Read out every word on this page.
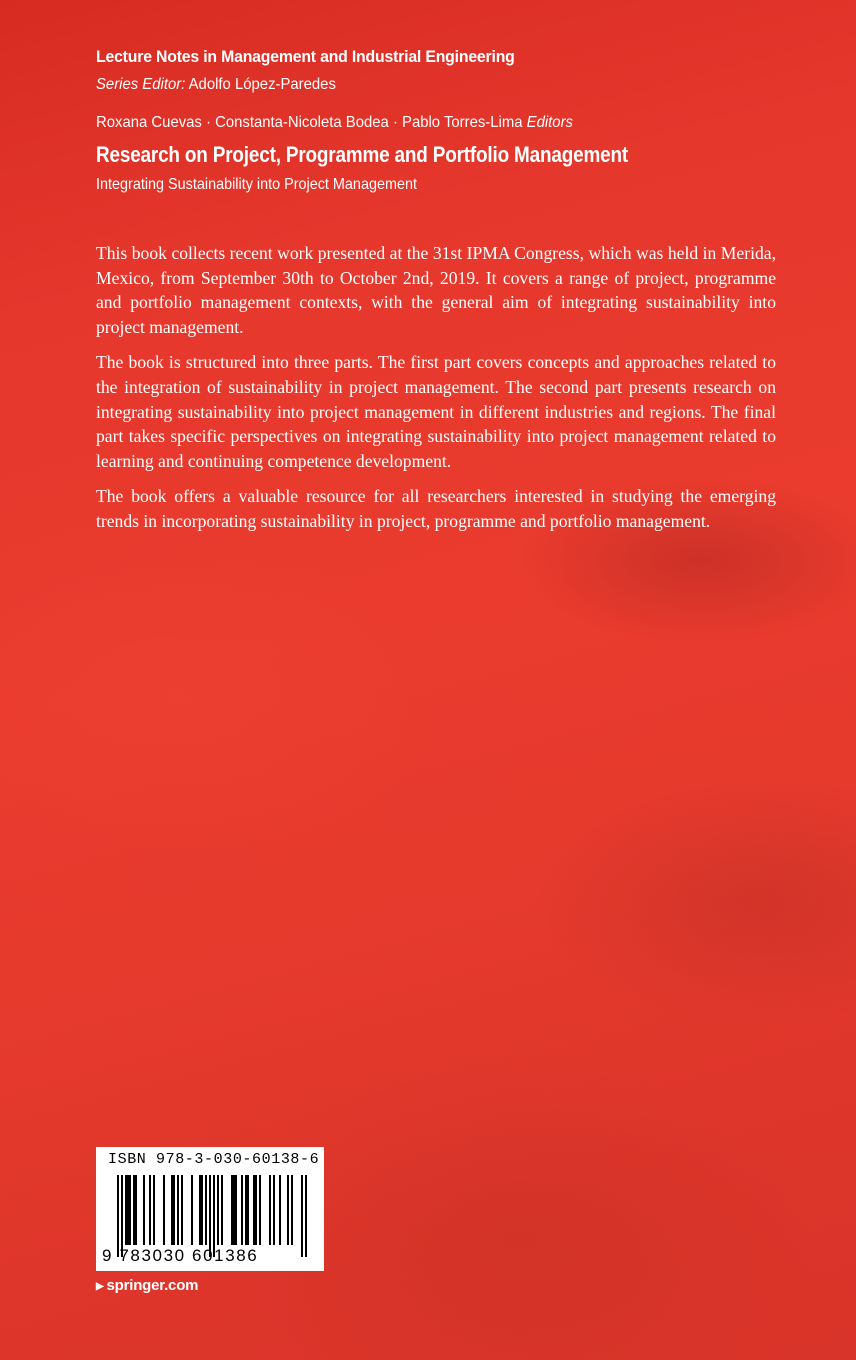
Lecture Notes in Management and Industrial Engineering
Series Editor: Adolfo López-Paredes
Roxana Cuevas · Constanta-Nicoleta Bodea · Pablo Torres-Lima Editors
Research on Project, Programme and Portfolio Management
Integrating Sustainability into Project Management

This book collects recent work presented at the 31st IPMA Congress, which was held in Merida, Mexico, from September 30th to October 2nd, 2019. It covers a range of project, programme and portfolio management contexts, with the general aim of integrating sustainability into project management.

The book is structured into three parts. The first part covers concepts and approaches related to the integration of sustainability in project management. The second part presents research on integrating sustainability into project management in different industries and regions. The final part takes specific perspectives on integrating sustainability into project management related to learning and continuing competence development.

The book offers a valuable resource for all researchers interested in studying the emerging trends in incorporating sustainability in project, programme and portfolio management.

ISBN 978-3-030-60138-6
9 783030 601386
▶ springer.com
